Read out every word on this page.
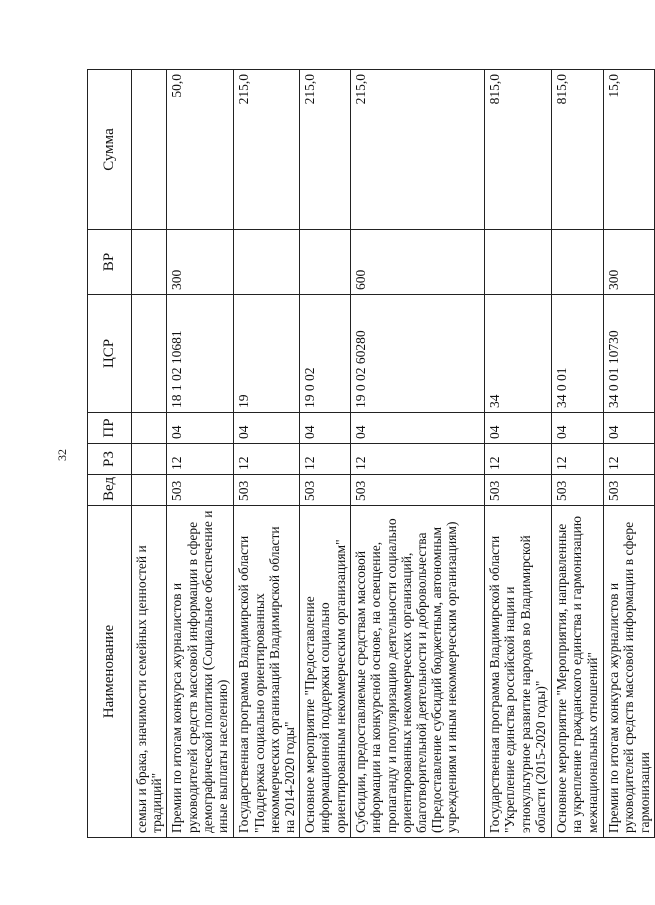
32
Наименование	Вед	РЗ	ПР	ЦСР	ВР	Сумма
семьи и брака, значимости семейных ценностей и традиций"						
Премии по итогам конкурса журналистов и руководителей средств массовой информации в сфере демографической политики (Социальное обеспечение и иные выплаты населению)	503	12	04	18 1 02 10681	300	50,0
Государственная программа Владимирской области "Поддержка социально ориентированных некоммерческих организаций Владимирской области на 2014-2020 годы"	503	12	04	19		215,0
Основное мероприятие "Предоставление информационной поддержки социально ориентированным некоммерческим организациям"	503	12	04	19 0 02		215,0
Субсидии, предоставляемые средствам массовой информации на конкурсной основе, на освещение, пропаганду и популяризацию деятельности социально ориентированных некоммерческих организаций, благотворительной деятельности и добровольчества (Предоставление субсидий бюджетным, автономным учреждениям и иным некоммерческим организациям)	503	12	04	19 0 02 60280	600	215,0
Государственная программа Владимирской области "Укрепление единства российской нации и этнокультурное развитие народов во Владимирской области (2015-2020 годы)"	503	12	04	34		815,0
Основное мероприятие "Мероприятия, направленные на укрепление гражданского единства и гармонизацию межнациональных отношений"	503	12	04	34 0 01		815,0
Премии по итогам конкурса журналистов и руководителей средств массовой информации в сфере гармонизации	503	12	04	34 0 01 10730	300	15,0
